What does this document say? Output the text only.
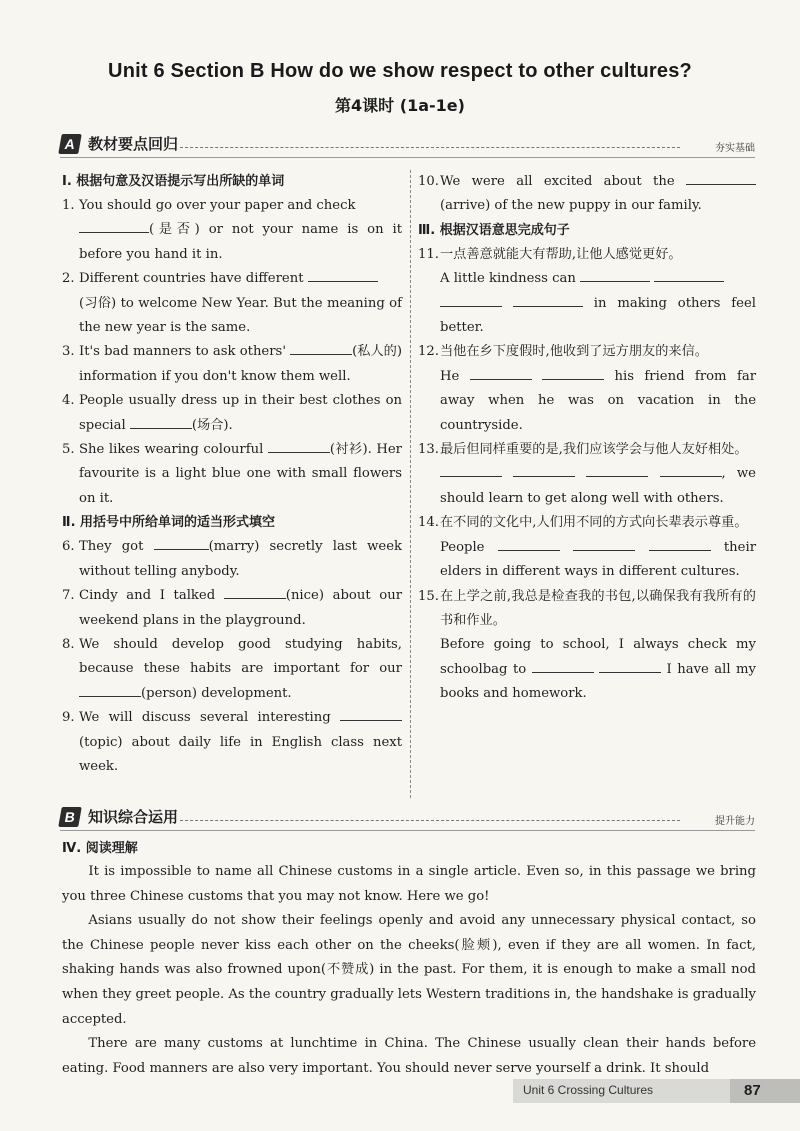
Unit 6 Section B How do we show respect to other cultures?
第4课时 (1a-1e)
A 教材要点回归	夯实基础

Ⅰ. 根据句意及汉语提示写出所缺的单词

1. You should go over your paper and check
(是否) or not your name is on it before you hand it in.

2. Different countries have different
(习俗) to welcome New Year. But the meaning of the new year is the same.

3. It's bad manners to ask others'	(私人的) information if you don't know them well.

4. People usually dress up in their best clothes on special	(场合).

5. She likes wearing colourful	(衬衫). Her favourite is a light blue one with small flowers on it.

Ⅱ. 用括号中所给单词的适当形式填空

6. They got	(marry) secretly last week without telling anybody.

7. Cindy and I talked	(nice) about our weekend plans in the playground.

8. We should develop good studying habits, because these habits are important for our (person) development.

9. We will discuss several interesting (topic) about daily life in English class next week.

10. We were all excited about the (arrive) of the new puppy in our family.

Ⅲ. 根据汉语意思完成句子

11. 一点善意就能大有帮助,让他人感觉更好。
A little kindness can
in making others feel better.

12. 当他在乡下度假时,他收到了远方朋友的来信。
He	his friend from far away when he was on vacation in the countryside.

13. 最后但同样重要的是,我们应该学会与他人友好相处。
, we should learn to get along well with others.

14. 在不同的文化中,人们用不同的方式向长辈表示尊重。
People	their elders in different ways in different cultures.

15. 在上学之前,我总是检查我的书包,以确保我有我所有的书和作业。
Before going to school, I always check my schoolbag to	I have all my books and homework.

B 知识综合运用	提升能力
Ⅳ. 阅读理解

It is impossible to name all Chinese customs in a single article. Even so, in this passage we bring you three Chinese customs that you may not know. Here we go!

Asians usually do not show their feelings openly and avoid any unnecessary physical contact, so the Chinese people never kiss each other on the cheeks(脸颊), even if they are all women. In fact, shaking hands was also frowned upon(不赞成) in the past. For them, it is enough to make a small nod when they greet people. As the country gradually lets Western traditions in, the handshake is gradually accepted.

There are many customs at lunchtime in China. The Chinese usually clean their hands before eating. Food manners are also very important. You should never serve yourself a drink. It should

Unit 6 Crossing Cultures	87
